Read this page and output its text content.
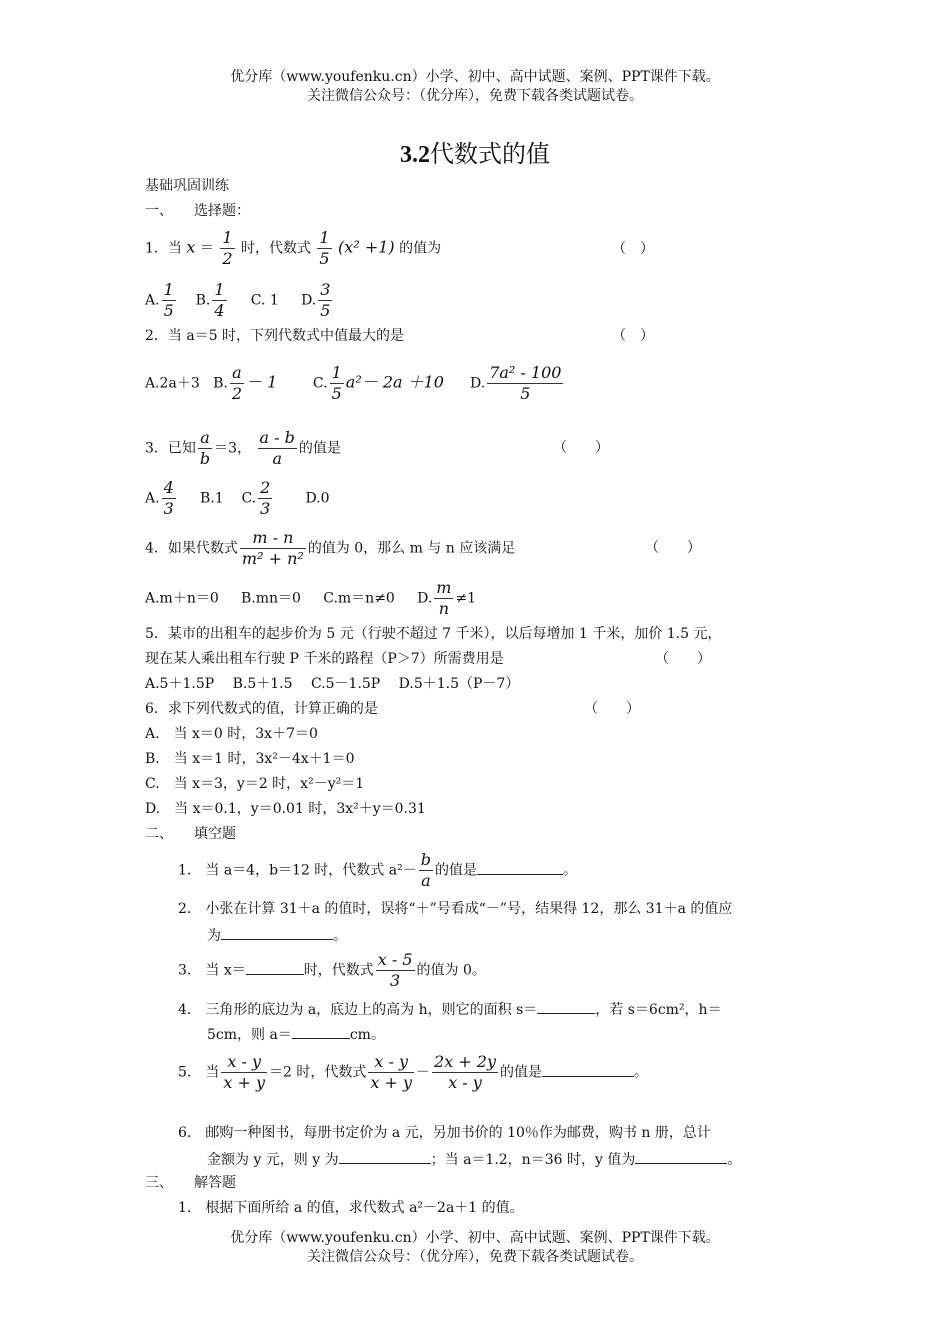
优分库（www.youfenku.cn）小学、初中、高中试题、案例、PPT课件下载。
关注微信公众号：（优分库），免费下载各类试题试卷。
3.2代数式的值
基础巩固训练
一、　　选择题：
1．当 $x = \frac{1}{2}$ 时，代数式 $\frac{1}{5} (x^2 +1)$ 的值为	（　）
A. $\frac{1}{5} B$. $\frac{1}{4} C$. 1 D. $\frac{3}{5}$
2．当 a＝5 时，下列代数式中值最大的是	（　）
A.2a＋3 B. $\frac{a}{2} - 1$	C. $\frac{1}{5} a^2- 2a +10$ D. $\frac{\text{7a² - 100}}{5}$
3．已知 $\frac{a}{b} =3$， $\frac{a - b}{a}$ 的值是	（　　）
A. $\frac{4}{3} B.1$ C. $\frac{2}{3} D.0$
4．如果代数式 $\frac{m - n}{\text{m² + n²}}$ 的值为 0，那么 m 与 n 应该满足	（　　）
A.m＋n＝0 B.mn＝0 C.m＝n≠0 D. $\frac{m}{n} \ne 1$
5．某市的出租车的起步价为 5 元（行驶不超过 7 千米），以后每增加 1 千米，加价 1.5 元，
现在某人乘出租车行驶 P 千米的路程（P＞7）所需费用是	（　　）
A.5＋1.5P　 B.5＋1.5　 C.5－1.5P　 D.5＋1.5（P－7）
6．求下列代数式的值，计算正确的是	（　　）
A.　当 x＝0 时，3x＋7＝0
B.　当 x＝1 时，3x²－4x＋1＝0
C.　当 x＝3，y＝2 时，x²－y²＝1
D.　当 x＝0.1，y＝0.01 时，3x²＋y＝0.31
二、　　填空题
1． 当 a＝4，b＝12 时，代数式 $a^2- \frac{b}{a}$ 的值是	。
2． 小张在计算 31＋a 的值时，误将“＋”号看成“－”号，结果得 12，那么 31＋a 的值应
为	。
3． 当 x＝	时，代数式 $\frac{x - 5}{3}$ 的值为 0。
4． 三角形的底边为 a，底边上的高为 h，则它的面积 s＝	，若 s＝6cm²，h＝
5cm，则 a＝	cm。
5． 当 $\frac{x - y}{x + y} =2$ 时，代数式 $\frac{x - y}{x + y} - \frac{2x + 2y}{x - y}$ 的值是	。
6． 邮购一种图书，每册书定价为 a 元，另加书价的 10％作为邮费，购书 n 册，总计
金额为 y 元，则 y 为	；当 a＝1.2，n＝36 时，y 值为	。
三、　　解答题
1． 根据下面所给 a 的值，求代数式 a²－2a＋1 的值。
优分库（www.youfenku.cn）小学、初中、高中试题、案例、PPT课件下载。
关注微信公众号：（优分库），免费下载各类试题试卷。
